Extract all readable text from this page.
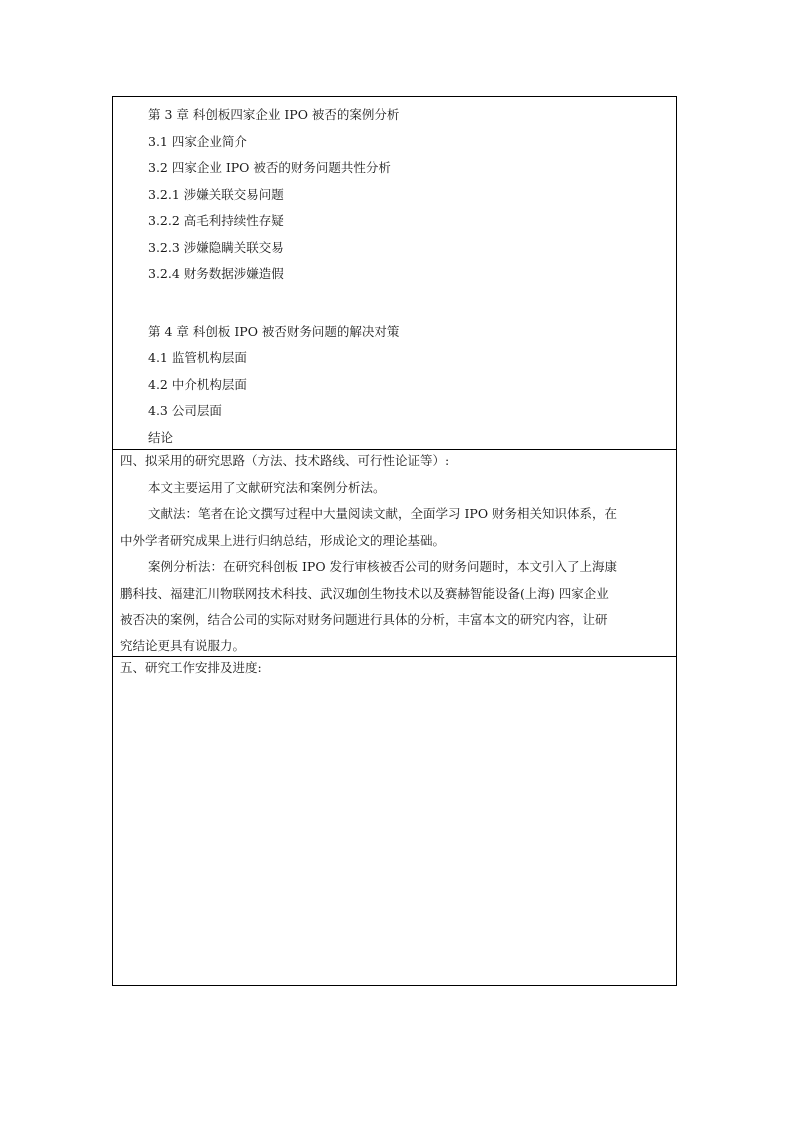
第 3 章 科创板四家企业 IPO 被否的案例分析
3.1 四家企业简介
3.2 四家企业 IPO 被否的财务问题共性分析
3.2.1 涉嫌关联交易问题
3.2.2 高毛利持续性存疑
3.2.3 涉嫌隐瞒关联交易
3.2.4 财务数据涉嫌造假
第 4 章 科创板 IPO 被否财务问题的解决对策
4.1 监管机构层面
4.2 中介机构层面
4.3 公司层面
结论
四、拟采用的研究思路（方法、技术路线、可行性论证等）:
本文主要运用了文献研究法和案例分析法。
文献法：笔者在论文撰写过程中大量阅读文献，全面学习 IPO 财务相关知识体系，在
中外学者研究成果上进行归纳总结，形成论文的理论基础。
案例分析法：在研究科创板 IPO 发行审核被否公司的财务问题时，本文引入了上海康
鹏科技、福建汇川物联网技术科技、武汉珈创生物技术以及赛赫智能设备(上海) 四家企业
被否决的案例，结合公司的实际对财务问题进行具体的分析，丰富本文的研究内容，让研
究结论更具有说服力。
五、研究工作安排及进度:
